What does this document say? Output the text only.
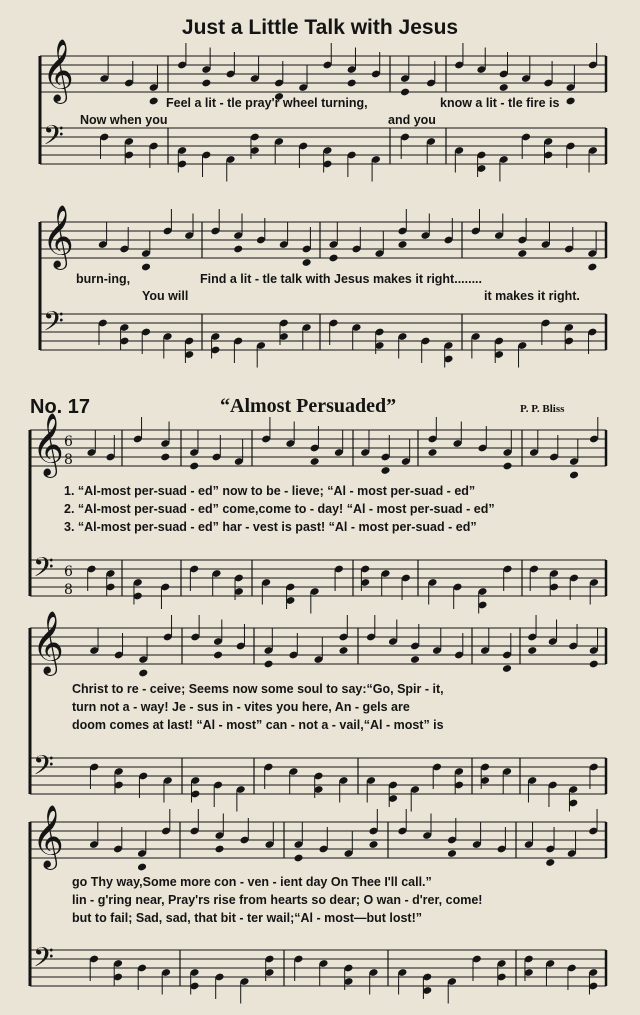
Just a Little Talk with Jesus
𝄞
𝄢
𝄞
𝄢
𝄞
𝄢
𝄞
𝄢
𝄞
𝄢
6
8
6
8
Feel a lit - tle pray'r wheel turning,	know a lit - tle fire is
Now when you	and you
burn-ing,	Find a lit - tle talk with Jesus makes it right........
You will	it makes it right.
No. 17	“Almost Persuaded”	P. P. Bliss
1. “Al-most per-suad - ed” now to be - lieve; “Al - most per-suad - ed”
2. “Al-most per-suad - ed” come,come to - day! “Al - most per-suad - ed”
3. “Al-most per-suad - ed” har - vest is past! “Al - most per-suad - ed”
Christ to re - ceive; Seems now some soul to say:“Go, Spir - it,
turn not a - way! Je - sus in - vites you here, An - gels are
doom comes at last! “Al - most” can - not a - vail,“Al - most” is
go Thy way,Some more con - ven - ient day On Thee I'll call.”
lin - g'ring near, Pray'rs rise from hearts so dear; O wan - d'rer, come!
but to fail; Sad, sad, that bit - ter wail;“Al - most—but lost!”
